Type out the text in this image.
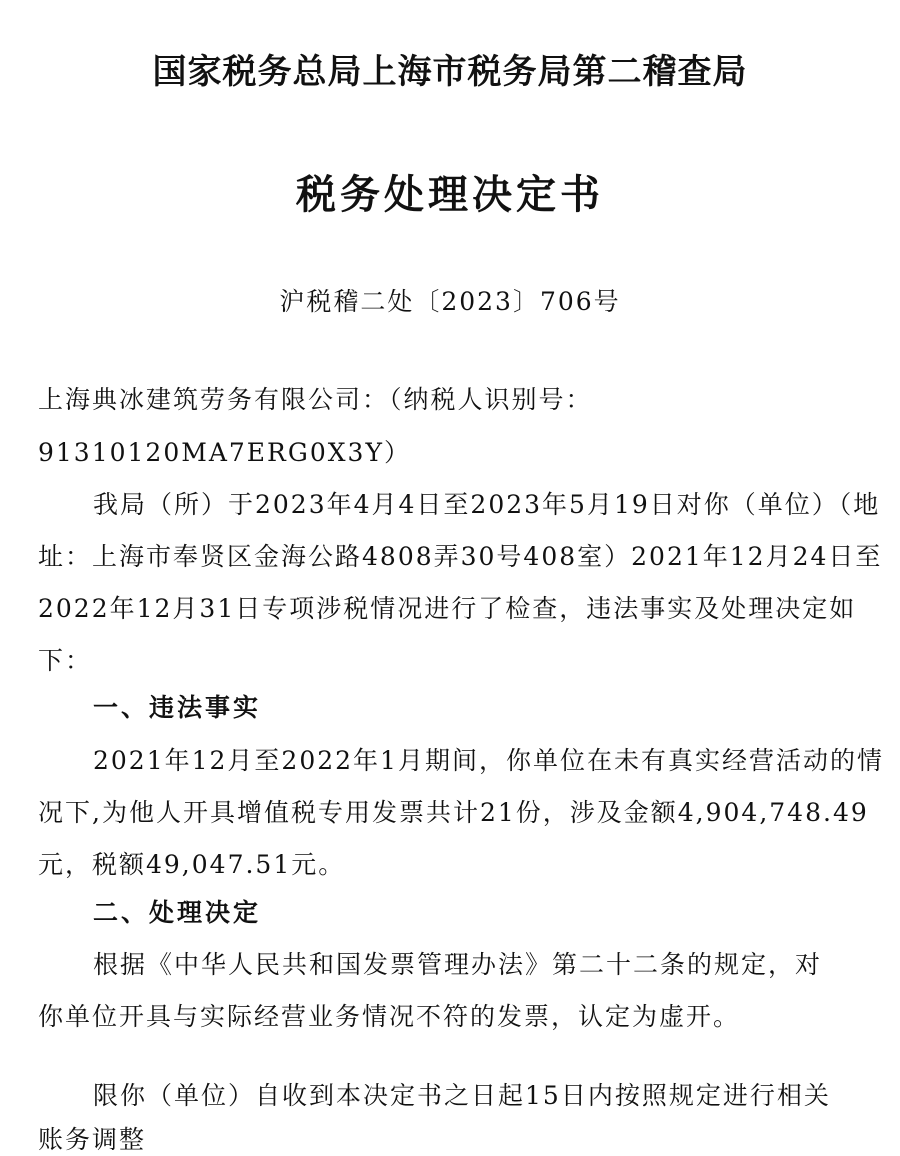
国家税务总局上海市税务局第二稽查局
税务处理决定书
沪税稽二处〔2023〕706号
上海典冰建筑劳务有限公司：（纳税人识别号：
91310120MA7ERG0X3Y）
我局（所）于2023年4月4日至2023年5月19日对你（单位）（地
址：上海市奉贤区金海公路4808弄30号408室）2021年12月24日至
2022年12月31日专项涉税情况进行了检查，违法事实及处理决定如
下：
一、违法事实
2021年12月至2022年1月期间，你单位在未有真实经营活动的情
况下,为他人开具增值税专用发票共计21份，涉及金额4,904,748.49
元，税额49,047.51元。
二、处理决定
根据《中华人民共和国发票管理办法》第二十二条的规定，对
你单位开具与实际经营业务情况不符的发票，认定为虚开。
限你（单位）自收到本决定书之日起15日内按照规定进行相关
账务调整
